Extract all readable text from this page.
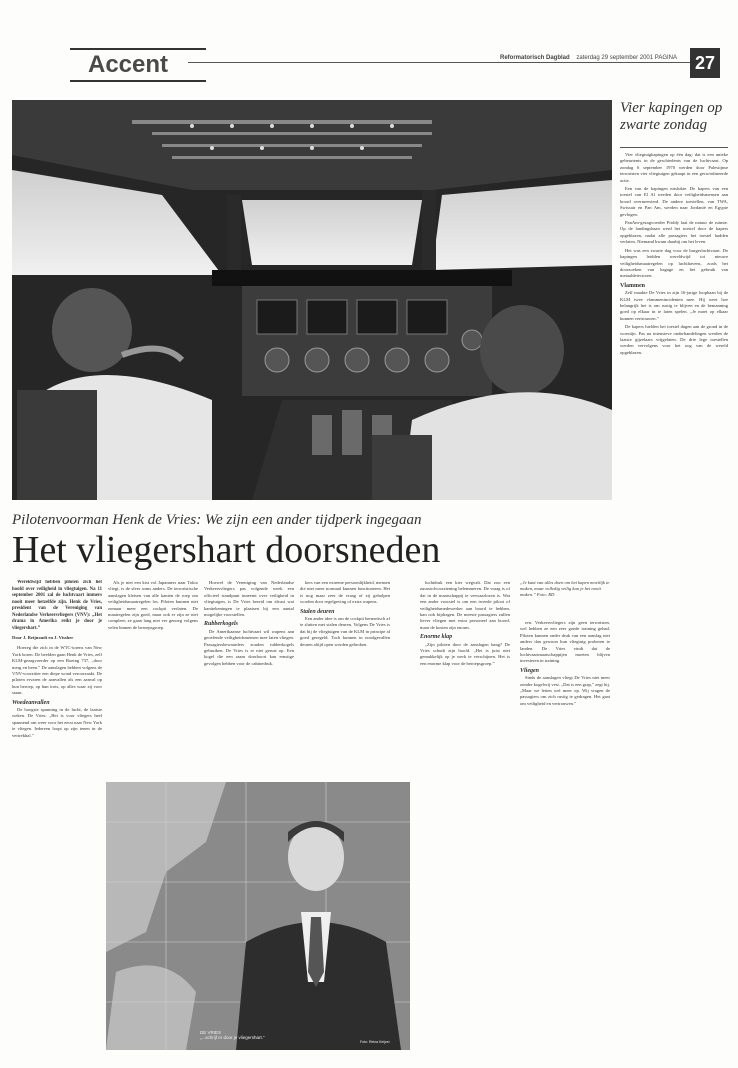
Accent	Reformatorisch Dagblad zaterdag 29 september 2001 PAGINA 27
Vier kapingen op zwarte zondag

Vier vliegtuigkapingen op één dag: dat is een unieke gebeurtenis in de geschiedenis van de luchtvaart. Op zondag 6 september 1970 werden door Palestijnse terroristen vier vliegtuigen gekaapt in een gecoördineerde actie.

Een van de kapingen mislukte. De kapers van een toestel van El Al werden door veiligheidsmensen aan boord overmeesterd. De andere toestellen, van TWA, Swissair en Pan Am, werden naar Jordanië en Egypte gevlogen.

PanAm-gezagvoerder Priddy laat de natuur de ruimte. Op de landingsbaan werd het toestel door de kapers opgeblazen, nadat alle passagiers het toestel hadden verlaten. Niemand kwam daarbij om het leven.

Het was een zwarte dag voor de burgerluchtvaart. De kapingen leidden wereldwijd tot nieuwe veiligheidsmaatregelen op luchthavens, zoals het doorzoeken van bagage en het gebruik van metaaldetectoren.

Vlammen

Zelf maakte De Vries in zijn 16-jarige loopbaan bij de KLM twee vlammenincidenten mee. Hij weet hoe belangrijk het is om rustig te blijven en de bemanning goed op elkaar in te laten spelen. „Je moet op elkaar kunnen vertrouwen.”

De kapers hielden het toestel dagen aan de grond in de woestijn. Pas na intensieve onderhandelingen werden de laatste gijzelaars vrijgelaten. De drie lege toestellen werden vervolgens voor het oog van de wereld opgeblazen.

Pilotenvoorman Henk de Vries: We zijn een ander tijdperk ingegaan
Het vliegershart doorsneden

Wereldwijd hebben piloten zich het hoofd over veiligheid in vliegtuigen. Na 11 september 2001 zal de luchtvaart immers nooit meer hetzelfde zijn. Henk de Vries, president van de Vereniging van Nederlandse Verkeersvliegers (VNV): „Het drama in Amerika reikt je door je vliegershart.”

Door J. Reijnoudt en J. Vissher

Hoezeg die zich in de WTC-torens van New York boren. De beelden gaan Henk de Vries, zelf KLM-gezagvoerder op een Boeing 737, „door merg en been.” De aanslagen hebben volgens de VNV-voorzitter een diepe wond veroorzaakt. De piloten ervaren de aanvallen als een aanval op hun beroep, op hun trots, op alles waar zij voor staan.

Woedeanvallen

De hoogste spanning in de lucht, de laatste weken. De Vries: „Het is voor vliegers heel spannend om weer voor het eerst naar New York te vliegen. Iedereen loopt op zijn tenen in de vertrekhal.”

Als je niet een kist vol Japanners naar Tokio vliegt, is de sfeer soms anders. De terroristische aanslagen kletsen van alle kanten de roep om veiligheidsmaatregelen los. Piloten kunnen niet zomaar meer een cockpit verlaten. De maatregelen zijn goed, maar ook er zijn ze niet compleet; ze gaan lang niet ver genoeg volgens velen binnen de beroepsgroep.

Hoewel de Vereniging van Nederlandse Verkeersvliegers pas volgende week een officieel standpunt inneemt over veiligheid in vliegtuigen, is De Vries bereid om alvast wat kanttekeningen te plaatsen bij een aantal mogelijke voorstellen.

Rubberkogels

De Amerikaanse luchtvaart wil wapens aan geoefende veiligheidsmensen mee laten vliegen. Passagiersbewaarders zouden rubberkogels gebruiken. De Vries is er niet gerust op. Een kogel die een raam doorboort kan ernstige gevolgen hebben voor de cabinedruk.

kers van een extreme persoonlijkheid, mensen die niet meer normaal kunnen functioneren. Het is nog maar zeer de vraag of zij geholpen worden door regelgeving of extra wapens.

Stalen deuren

Een ander idee is om de cockpit hermetisch af te sluiten met stalen deuren. Volgens De Vries is dat bij de vliegtuigen van de KLM in principe al goed geregeld. Toch kunnen in noodgevallen deuren altijd open worden gebroken.

luchtdruk een kier wegvalt. Dat zou een zuurstofvoorziening belemmeren. De vraag is of dat in de maatschappij te verwaarlozen is. Wat een ander voorstel is om een tweede piloot of veiligheidsmedewerker aan boord te hebben, kan ook bijdragen. De meeste passagiers zullen liever vliegen met extra personeel aan boord, maar de kosten zijn enorm.

Enorme klap

„Zijn piloten door de aanslagen bang? De Vries schudt zijn hoofd. „Het is juist niet gemakkelijk op je werk te verschijnen. Het is een enorme klap voor de beroepsgroep.”

„Je kunt van alles doen om het kapen moeilijk te maken, maar volledig veilig kun je het nooit maken.” Foto: RD

ren. Verkeersvliegers zijn geen terroristen, wel hebben ze een zeer goede training gehad. Piloten kunnen onder druk van een aanslag niet anders dan gewoon hun vliegtuig proberen te landen. De Vries vindt dat de luchtvaartmaatschappijen moeten blijven investeren in training.

Vliegen

Sinds de aanslagen vliegt De Vries niet meer zonder kogelvrij vest. „Dat is een grap,” zegt hij. „Maar we letten wel meer op. Wij vragen de passagiers om zich rustig te gedragen. Het gaat om veiligheid en vertrouwen.”

DE VRIES
„...schrijf er door je vliegershart.”
Foto: Reina Keijzer
